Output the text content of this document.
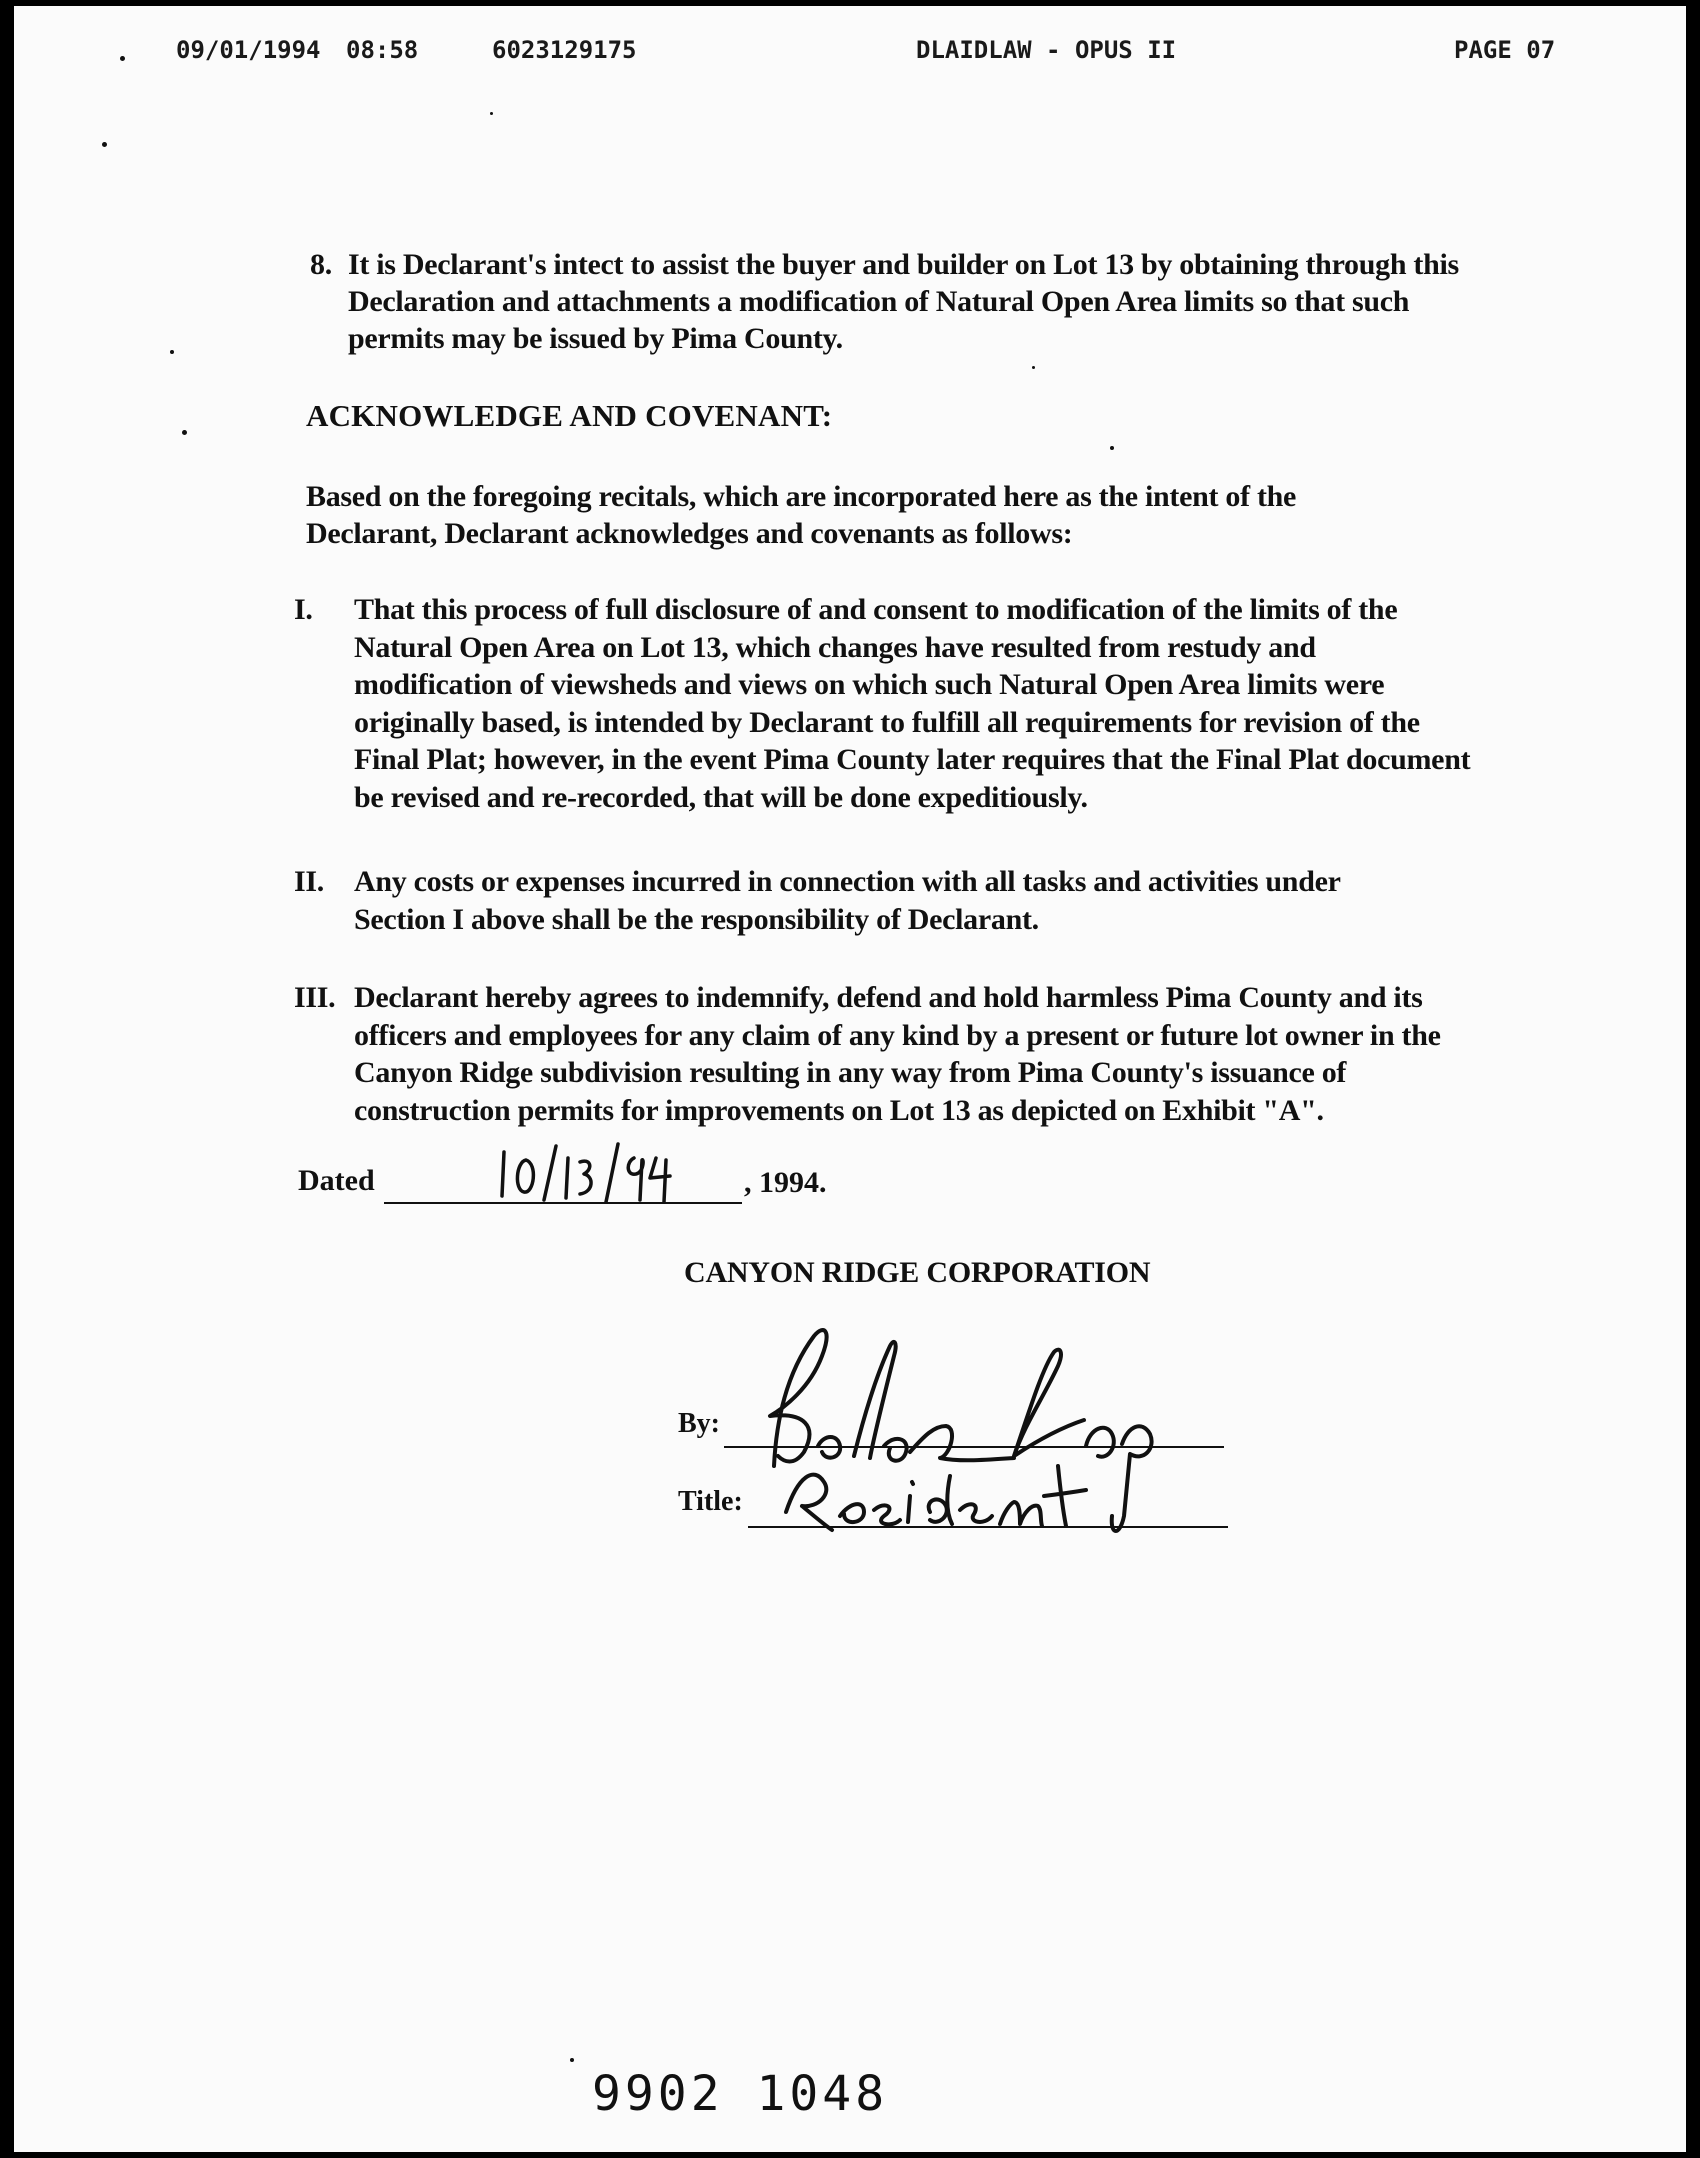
09/01/1994 08:58	6023129175	DLAIDLAW - OPUS II	PAGE 07
8. It is Declarant's intect to assist the buyer and builder on Lot 13 by obtaining through this Declaration and attachments a modification of Natural Open Area limits so that such permits may be issued by Pima County.
ACKNOWLEDGE AND COVENANT:
Based on the foregoing recitals, which are incorporated here as the intent of the Declarant, Declarant acknowledges and covenants as follows:
I. That this process of full disclosure of and consent to modification of the limits of the Natural Open Area on Lot 13, which changes have resulted from restudy and modification of viewsheds and views on which such Natural Open Area limits were originally based, is intended by Declarant to fulfill all requirements for revision of the Final Plat; however, in the event Pima County later requires that the Final Plat document be revised and re-recorded, that will be done expeditiously.
II. Any costs or expenses incurred in connection with all tasks and activities under Section I above shall be the responsibility of Declarant.
III. Declarant hereby agrees to indemnify, defend and hold harmless Pima County and its officers and employees for any claim of any kind by a present or future lot owner in the Canyon Ridge subdivision resulting in any way from Pima County's issuance of construction permits for improvements on Lot 13 as depicted on Exhibit "A".
Dated	, 1994.
CANYON RIDGE CORPORATION
By:
Title:
9902 1048
